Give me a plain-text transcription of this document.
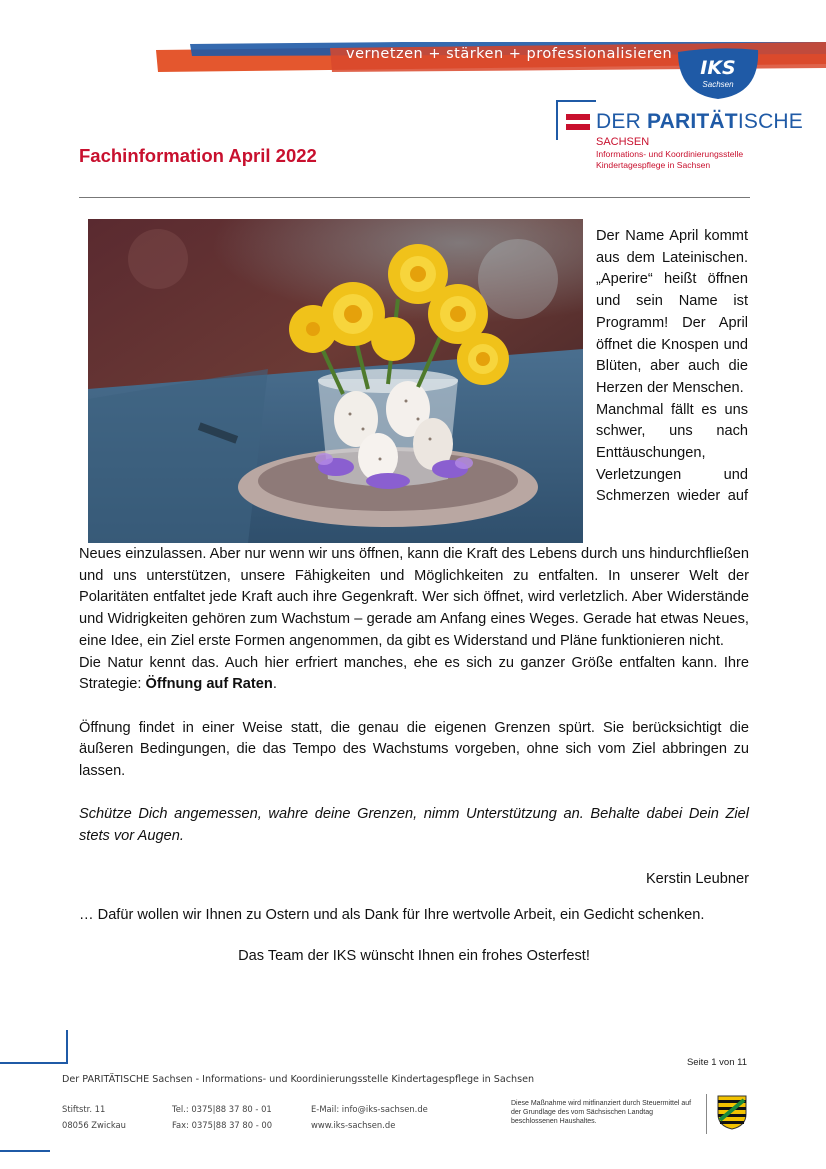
vernetzen + stärken + professionalisieren
IKS
Sachsen
DER PARITÄTISCHE
SACHSEN
Informations- und Koordinierungsstelle
Kindertagespflege in Sachsen
Fachinformation April 2022

Der Name April kommt aus dem Lateinischen.

„Aperire“ heißt öffnen und sein Name ist Programm! Der April öffnet die Knospen und Blüten, aber auch die Herzen der Menschen.

Manchmal fällt es uns schwer, uns nach Enttäuschungen, Verletzungen und Schmerzen wieder auf

Neues einzulassen. Aber nur wenn wir uns öffnen, kann die Kraft des Lebens durch uns hindurchfließen und uns unterstützen, unsere Fähigkeiten und Möglichkeiten zu entfalten. In unserer Welt der Polaritäten entfaltet jede Kraft auch ihre Gegenkraft. Wer sich öffnet, wird verletzlich. Aber Widerstände und Widrigkeiten gehören zum Wachstum – gerade am Anfang eines Weges. Gerade hat etwas Neues, eine Idee, ein Ziel erste Formen angenommen, da gibt es Widerstand und Pläne funktionieren nicht.

Die Natur kennt das. Auch hier erfriert manches, ehe es sich zu ganzer Größe entfalten kann. Ihre Strategie: Öffnung auf Raten.

Öffnung findet in einer Weise statt, die genau die eigenen Grenzen spürt. Sie berücksichtigt die äußeren Bedingungen, die das Tempo des Wachstums vorgeben, ohne sich vom Ziel abbringen zu lassen.

Schütze Dich angemessen, wahre deine Grenzen, nimm Unterstützung an. Behalte dabei Dein Ziel stets vor Augen.

Kerstin Leubner
… Dafür wollen wir Ihnen zu Ostern und als Dank für Ihre wertvolle Arbeit, ein Gedicht schenken.
Das Team der IKS wünscht Ihnen ein frohes Osterfest!
Seite 1 von 11
Der PARITÄTISCHE Sachsen - Informations- und Koordinierungsstelle Kindertagespflege in Sachsen
Stiftstr. 11
08056 Zwickau
Tel.: 0375|88 37 80 - 01
Fax: 0375|88 37 80 - 00
E-Mail: info@iks-sachsen.de
www.iks-sachsen.de
Diese Maßnahme wird mitfinanziert durch Steuermittel auf der Grundlage des vom Sächsischen Landtag beschlossenen Haushaltes.
